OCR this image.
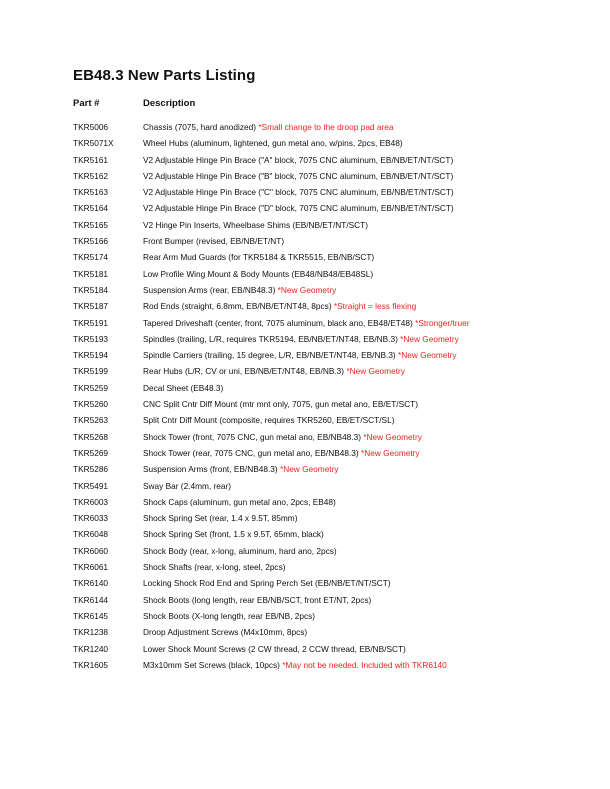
EB48.3 New Parts Listing
Part #	Description
TKR5006	Chassis (7075, hard anodized) *Small change to the droop pad area
TKR5071X	Wheel Hubs (aluminum, lightened, gun metal ano, w/pins, 2pcs, EB48)
TKR5161	V2 Adjustable Hinge Pin Brace ("A" block, 7075 CNC aluminum, EB/NB/ET/NT/SCT)
TKR5162	V2 Adjustable Hinge Pin Brace ("B" block, 7075 CNC aluminum, EB/NB/ET/NT/SCT)
TKR5163	V2 Adjustable Hinge Pin Brace ("C" block, 7075 CNC aluminum, EB/NB/ET/NT/SCT)
TKR5164	V2 Adjustable Hinge Pin Brace ("D" block, 7075 CNC aluminum, EB/NB/ET/NT/SCT)
TKR5165	V2 Hinge Pin Inserts, Wheelbase Shims (EB/NB/ET/NT/SCT)
TKR5166	Front Bumper (revised, EB/NB/ET/NT)
TKR5174	Rear Arm Mud Guards (for TKR5184 & TKR5515, EB/NB/SCT)
TKR5181	Low Profile Wing Mount & Body Mounts (EB48/NB48/EB48SL)
TKR5184	Suspension Arms (rear, EB/NB48.3) *New Geometry
TKR5187	Rod Ends (straight, 6.8mm, EB/NB/ET/NT48, 8pcs) *Straight = less flexing
TKR5191	Tapered Driveshaft (center, front, 7075 aluminum, black ano, EB48/ET48) *Stronger/truer
TKR5193	Spindles (trailing, L/R, requires TKR5194, EB/NB/ET/NT48, EB/NB.3) *New Geometry
TKR5194	Spindle Carriers (trailing, 15 degree, L/R, EB/NB/ET/NT48, EB/NB.3) *New Geometry
TKR5199	Rear Hubs (L/R, CV or uni, EB/NB/ET/NT48, EB/NB.3) *New Geometry
TKR5259	Decal Sheet (EB48.3)
TKR5260	CNC Split Cntr Diff Mount (mtr mnt only, 7075, gun metal ano, EB/ET/SCT)
TKR5263	Split Cntr Diff Mount (composite, requires TKR5260, EB/ET/SCT/SL)
TKR5268	Shock Tower (front, 7075 CNC, gun metal ano, EB/NB48.3) *New Geometry
TKR5269	Shock Tower (rear, 7075 CNC, gun metal ano, EB/NB48.3) *New Geometry
TKR5286	Suspension Arms (front, EB/NB48.3) *New Geometry
TKR5491	Sway Bar (2.4mm, rear)
TKR6003	Shock Caps (aluminum, gun metal ano, 2pcs, EB48)
TKR6033	Shock Spring Set (rear, 1.4 x 9.5T, 85mm)
TKR6048	Shock Spring Set (front, 1.5 x 9.5T, 65mm, black)
TKR6060	Shock Body (rear, x-long, aluminum, hard ano, 2pcs)
TKR6061	Shock Shafts (rear, x-long, steel, 2pcs)
TKR6140	Locking Shock Rod End and Spring Perch Set (EB/NB/ET/NT/SCT)
TKR6144	Shock Boots (long length, rear EB/NB/SCT, front ET/NT, 2pcs)
TKR6145	Shock Boots (X-long length, rear EB/NB, 2pcs)
TKR1238	Droop Adjustment Screws (M4x10mm, 8pcs)
TKR1240	Lower Shock Mount Screws (2 CW thread, 2 CCW thread, EB/NB/SCT)
TKR1605	M3x10mm Set Screws (black, 10pcs) *May not be needed. Included with TKR6140
